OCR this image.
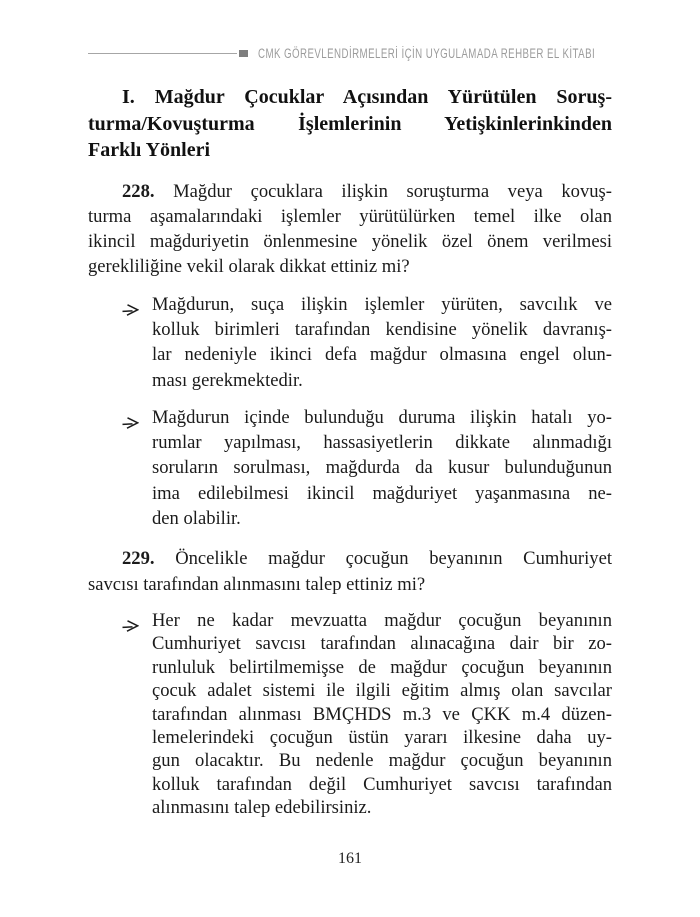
CMK GÖREVLENDİRMELERİ İÇİN UYGULAMADA REHBER EL KİTABI
I. Mağdur Çocuklar Açısından Yürütülen Soruş-
turma/Kovuşturma İşlemlerinin Yetişkinlerinkinden
Farklı Yönleri
228. Mağdur çocuklara ilişkin soruşturma veya kovuş-
turma aşamalarındaki işlemler yürütülürken temel ilke olan
ikincil mağduriyetin önlenmesine yönelik özel önem verilmesi
gerekliliğine vekil olarak dikkat ettiniz mi?
Mağdurun, suça ilişkin işlemler yürüten, savcılık ve
kolluk birimleri tarafından kendisine yönelik davranış-
lar nedeniyle ikinci defa mağdur olmasına engel olun-
ması gerekmektedir.
Mağdurun içinde bulunduğu duruma ilişkin hatalı yo-
rumlar yapılması, hassasiyetlerin dikkate alınmadığı
soruların sorulması, mağdurda da kusur bulunduğunun
ima edilebilmesi ikincil mağduriyet yaşanmasına ne-
den olabilir.
229. Öncelikle mağdur çocuğun beyanının Cumhuriyet
savcısı tarafından alınmasını talep ettiniz mi?
Her ne kadar mevzuatta mağdur çocuğun beyanının
Cumhuriyet savcısı tarafından alınacağına dair bir zo-
runluluk belirtilmemişse de mağdur çocuğun beyanının
çocuk adalet sistemi ile ilgili eğitim almış olan savcılar
tarafından alınması BMÇHDS m.3 ve ÇKK m.4 düzen-
lemelerindeki çocuğun üstün yararı ilkesine daha uy-
gun olacaktır. Bu nedenle mağdur çocuğun beyanının
kolluk tarafından değil Cumhuriyet savcısı tarafından
alınmasını talep edebilirsiniz.
161
